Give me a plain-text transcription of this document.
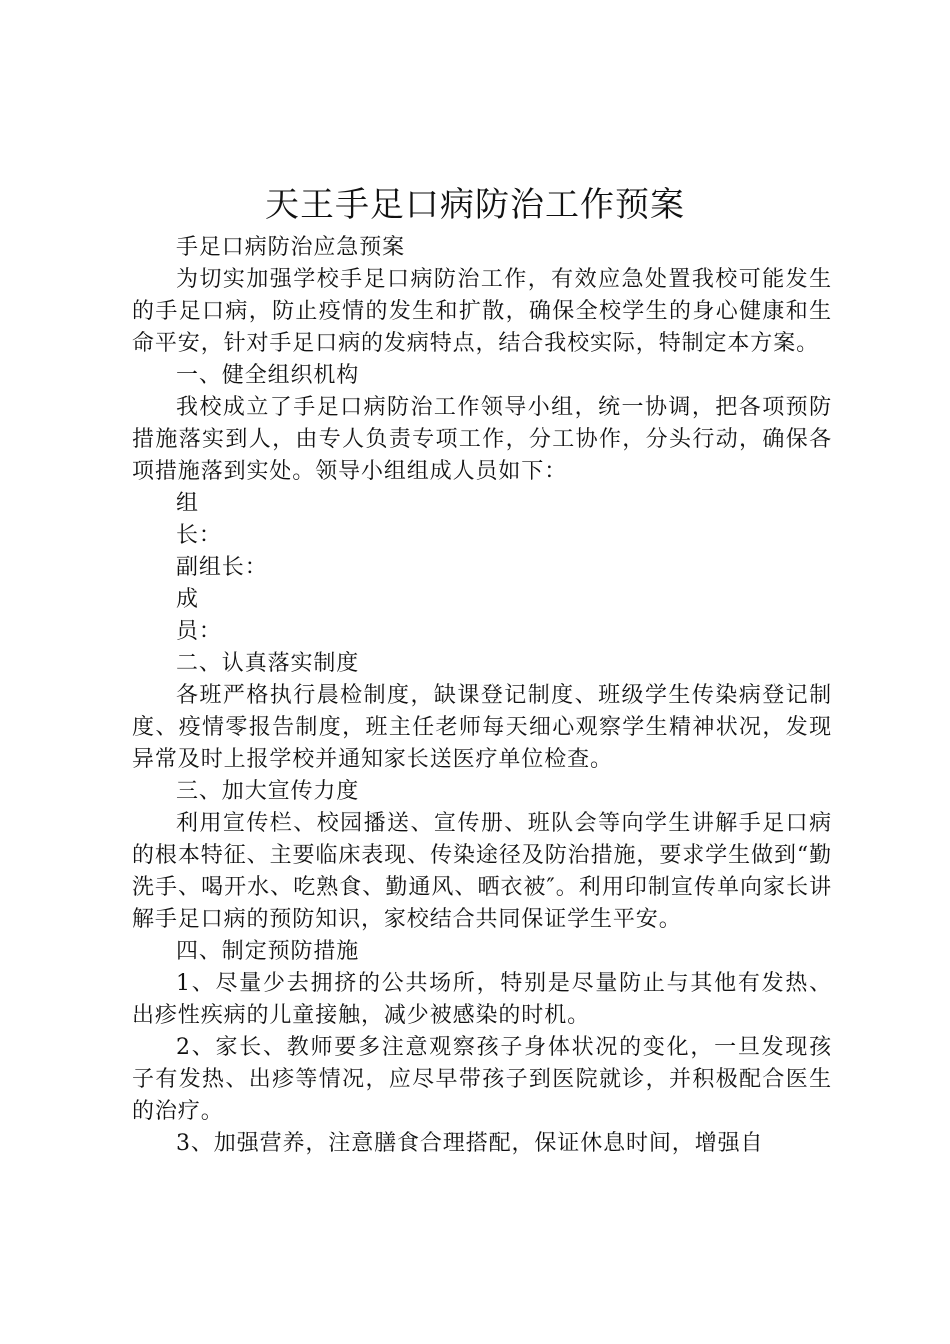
天王手足口病防治工作预案

手足口病防治应急预案

为切实加强学校手足口病防治工作，有效应急处置我校可能发生的手足口病，防止疫情的发生和扩散，确保全校学生的身心健康和生命平安，针对手足口病的发病特点，结合我校实际，特制定本方案。

一、健全组织机构

我校成立了手足口病防治工作领导小组，统一协调，把各项预防措施落实到人，由专人负责专项工作，分工协作，分头行动，确保各项措施落到实处。领导小组组成人员如下：

组长：

副组长：

成员：

二、认真落实制度

各班严格执行晨检制度，缺课登记制度、班级学生传染病登记制度、疫情零报告制度，班主任老师每天细心观察学生精神状况，发现异常及时上报学校并通知家长送医疗单位检查。

三、加大宣传力度

利用宣传栏、校园播送、宣传册、班队会等向学生讲解手足口病的根本特征、主要临床表现、传染途径及防治措施，要求学生做到“勤洗手、喝开水、吃熟食、勤通风、晒衣被″。利用印制宣传单向家长讲解手足口病的预防知识，家校结合共同保证学生平安。

四、制定预防措施

1、尽量少去拥挤的公共场所，特别是尽量防止与其他有发热、出疹性疾病的儿童接触，减少被感染的时机。

2、家长、教师要多注意观察孩子身体状况的变化，一旦发现孩子有发热、出疹等情况，应尽早带孩子到医院就诊，并积极配合医生的治疗。

3、加强营养，注意膳食合理搭配，保证休息时间，增强自
